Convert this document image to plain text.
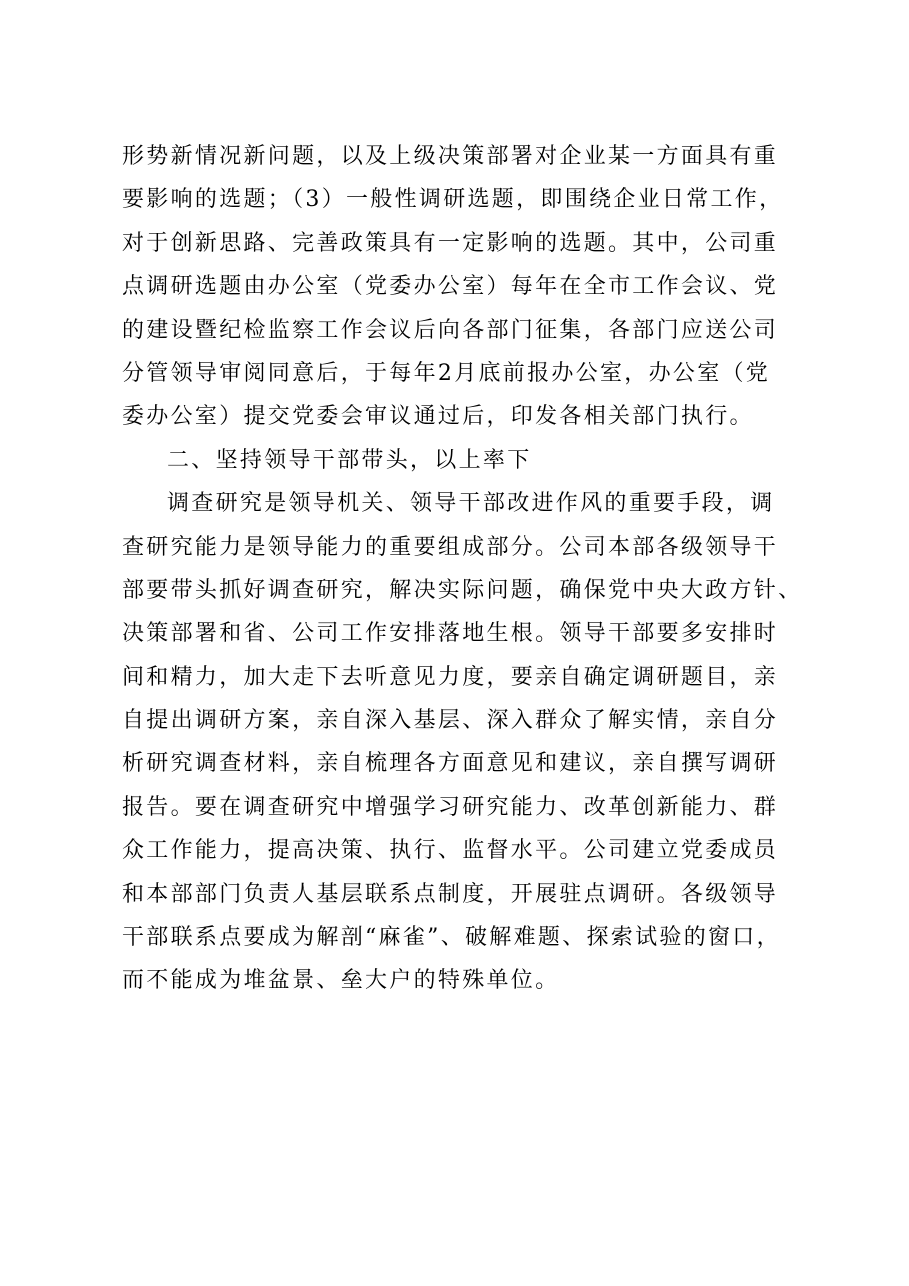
形势新情况新问题，以及上级决策部署对企业某一方面具有重
要影响的选题；（3）一般性调研选题，即围绕企业日常工作，
对于创新思路、完善政策具有一定影响的选题。其中，公司重
点调研选题由办公室（党委办公室）每年在全市工作会议、党
的建设暨纪检监察工作会议后向各部门征集，各部门应送公司
分管领导审阅同意后，于每年2月底前报办公室，办公室（党
委办公室）提交党委会审议通过后，印发各相关部门执行。

二、坚持领导干部带头，以上率下

调查研究是领导机关、领导干部改进作风的重要手段，调
查研究能力是领导能力的重要组成部分。公司本部各级领导干
部要带头抓好调查研究，解决实际问题，确保党中央大政方针、
决策部署和省、公司工作安排落地生根。领导干部要多安排时
间和精力，加大走下去听意见力度，要亲自确定调研题目，亲
自提出调研方案，亲自深入基层、深入群众了解实情，亲自分
析研究调查材料，亲自梳理各方面意见和建议，亲自撰写调研
报告。要在调查研究中增强学习研究能力、改革创新能力、群
众工作能力，提高决策、执行、监督水平。公司建立党委成员
和本部部门负责人基层联系点制度，开展驻点调研。各级领导
干部联系点要成为解剖“麻雀”、破解难题、探索试验的窗口，
而不能成为堆盆景、垒大户的特殊单位。
